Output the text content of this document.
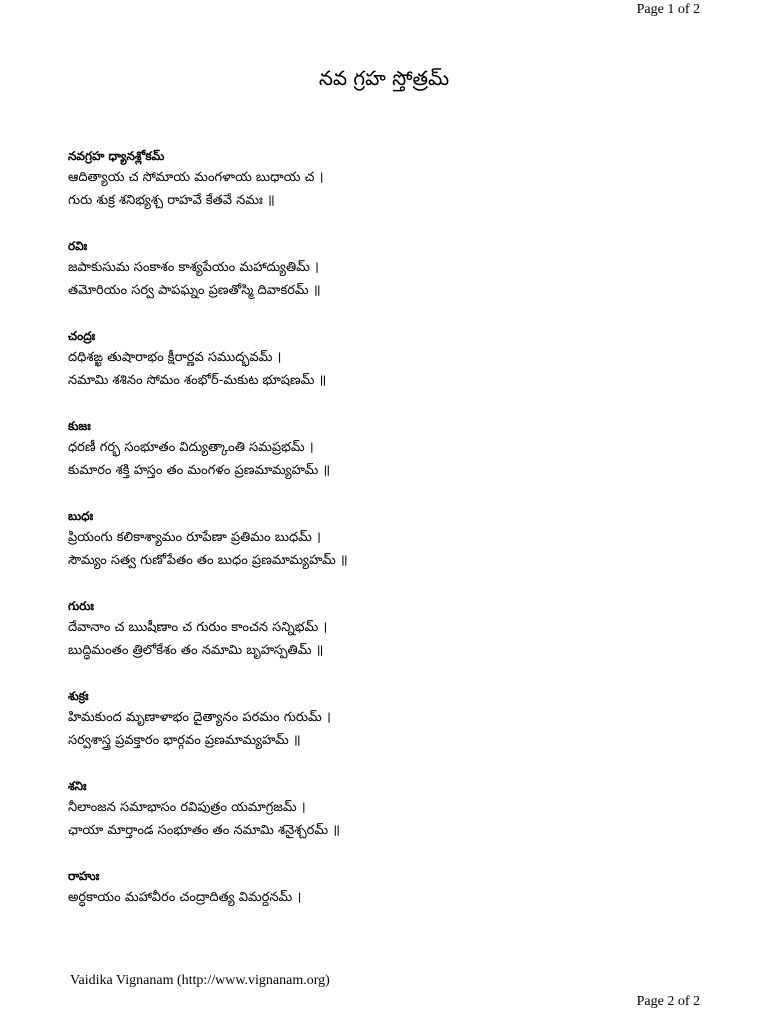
Page 1 of 2
నవ గ్రహ స్తోత్రమ్
నవగ్రహ ధ్యానశ్లోకమ్
ఆదిత్యాయ చ సోమాయ మంగళాయ బుధాయ చ ।
గురు శుక్ర శనిభ్యశ్చ రాహవే కేతవే నమః ॥
రవిః
జపాకుసుమ సంకాశం కాశ్యపేయం మహాద్యుతిమ్ ।
తమోరియం సర్వ పాపఘ్నం ప్రణతోస్మి దివాకరమ్ ॥
చంద్రః
దధిశఙ్ఖ తుషారాభం క్షీరార్ణవ సముద్భవమ్ ।
నమామి శశినం సోమం శంభోర్-మకుట భూషణమ్ ॥
కుజః
ధరణీ గర్భ సంభూతం విద్యుత్కాంతి సమప్రభమ్ ।
కుమారం శక్తి హస్తం తం మంగళం ప్రణమామ్యహమ్ ॥
బుధః
ప్రియంగు కలికాశ్యామం రూపేణా ప్రతిమం బుధమ్ ।
సౌమ్యం సత్వ గుణోపేతం తం బుధం ప్రణమామ్యహమ్ ॥
గురుః
దేవానాం చ ఋషీణాం చ గురుం కాంచన సన్నిభమ్ ।
బుద్ధిమంతం త్రిలోకేశం తం నమామి బృహస్పతిమ్ ॥
శుక్రః
హిమకుంద మృణాళాభం దైత్యానం పరమం గురుమ్ ।
సర్వశాస్త్ర ప్రవక్తారం భార్గవం ప్రణమామ్యహమ్ ॥
శనిః
నీలాంజన సమాభాసం రవిపుత్రం యమాగ్రజమ్ ।
ఛాయా మార్తాండ సంభూతం తం నమామి శనైశ్చరమ్ ॥
రాహుః
అర్ధకాయం మహావీరం చంద్రాదిత్య విమర్దనమ్ ।
Vaidika Vignanam (http://www.vignanam.org)
Page 2 of 2
